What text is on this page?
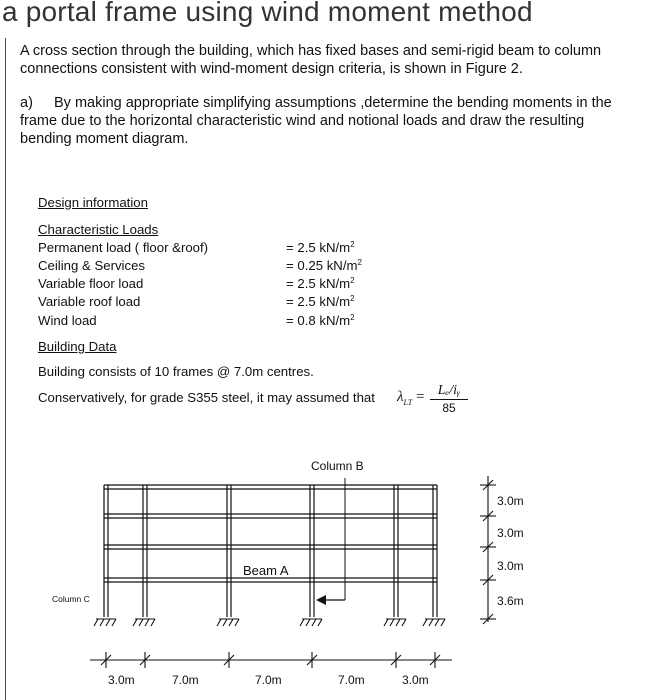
a portal frame using wind moment method
A cross section through the building, which has fixed bases and semi-rigid beam to column connections consistent with wind-moment design criteria, is shown in Figure 2.
a) By making appropriate simplifying assumptions ,determine the bending moments in the frame due to the horizontal characteristic wind and notional loads and draw the resulting bending moment diagram.
Design information
Characteristic Loads
Permanent load ( floor &roof)	= 2.5 $kN/m^2$
Ceiling & Services	= 0.25 $kN/m^2$
Variable floor load	= 2.5 $kN/m^2$
Variable roof load	= 2.5 $kN/m^2$
Wind load	= 0.8 $kN/m^2$
Building Data
Building consists of 10 frames @ 7.0m centres.
Conservatively, for grade S355 steel, it may assumed that $\lambda_{LT} = \frac{\text{Lₑ/iᵧ}}{85}$
Column B
Beam A
Column C
3.0m
3.0m
3.0m
3.6m
3.0m	7.0m	7.0m	7.0m	3.0m
